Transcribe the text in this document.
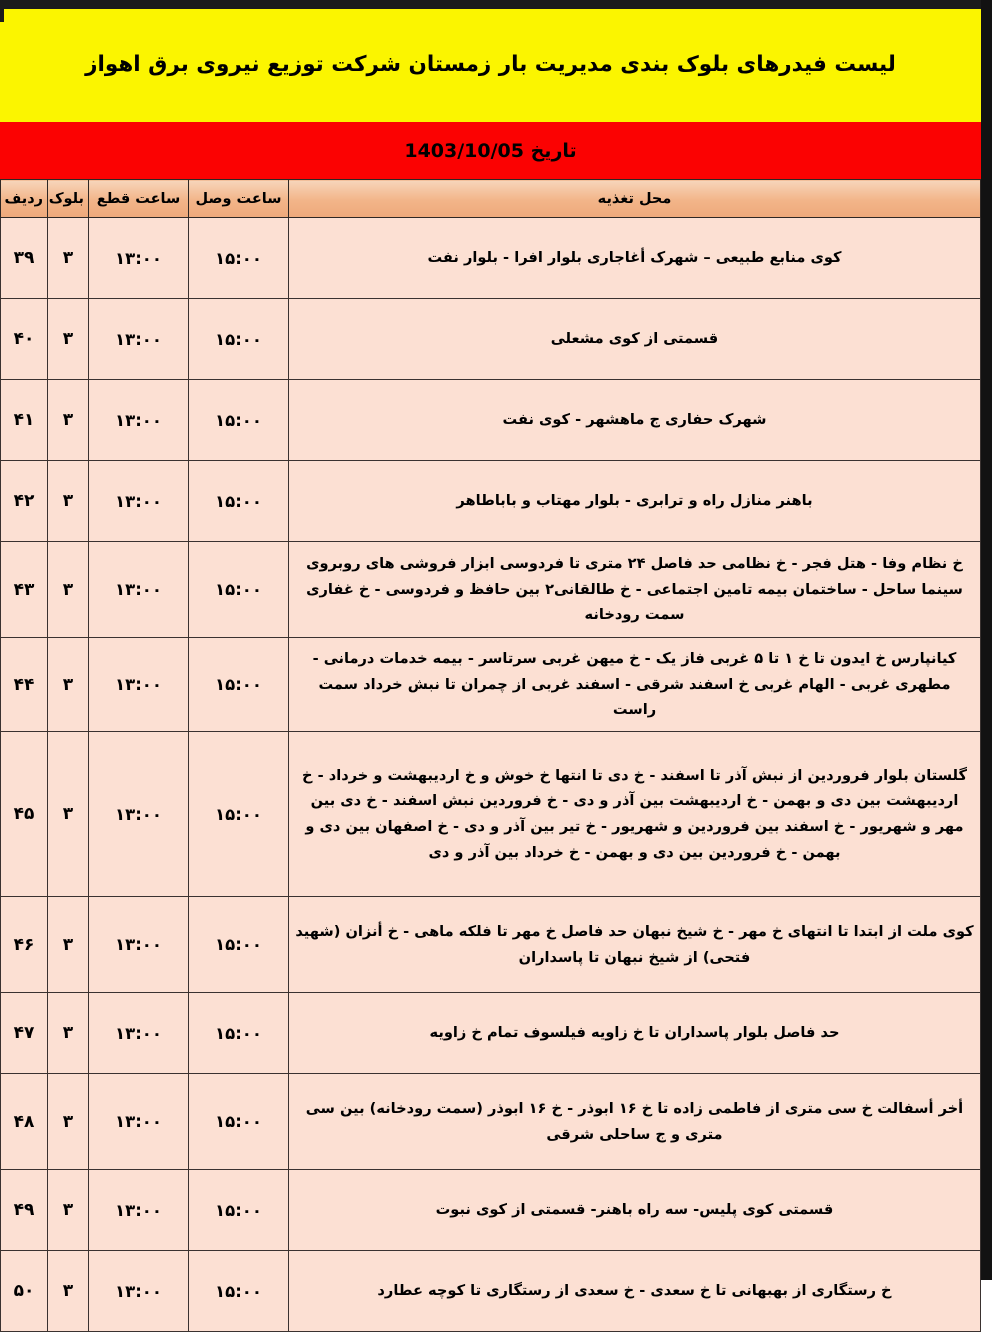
لیست فیدرهای بلوک بندی مدیریت بار زمستان شرکت توزیع نیروی برق اهواز
تاریخ 1403/10/05
محل تغذیه	ساعت وصل	ساعت قطع	بلوک	ردیف
کوی منابع طبیعی – شهرک أغاجاری بلوار افرا - بلوار نفت	۱۵:۰۰	۱۳:۰۰	۳	۳۹
قسمتی از کوی مشعلی	۱۵:۰۰	۱۳:۰۰	۳	۴۰
شهرک حفاری ج ماهشهر - کوی نفت	۱۵:۰۰	۱۳:۰۰	۳	۴۱
باهنر منازل راه و ترابری - بلوار مهتاب و باباطاهر	۱۵:۰۰	۱۳:۰۰	۳	۴۲
خ نظام وفا - هتل فجر - خ نظامی حد فاصل ۲۴ متری تا فردوسی ابزار فروشی های روبروی سینما ساحل - ساختمان بیمه تامین اجتماعی - خ طالقانی۲ بین حافظ و فردوسی - خ غفاری سمت رودخانه	۱۵:۰۰	۱۳:۰۰	۳	۴۳
کیانپارس خ ایدون تا خ ۱ تا ۵ غربی فاز یک - خ میهن غربی سرتاسر - بیمه خدمات درمانی - مطهری غربی - الهام غربی خ اسفند شرقی - اسفند غربی از چمران تا نبش خرداد سمت راست	۱۵:۰۰	۱۳:۰۰	۳	۴۴
گلستان بلوار فروردین از نبش آذر تا اسفند - خ دی تا انتها خ خوش و خ اردیبهشت و خرداد - خ اردیبهشت بین دی و بهمن - خ اردیبهشت بین آذر و دی - خ فروردین نبش اسفند - خ دی بین مهر و شهریور - خ اسفند بین فروردین و شهریور - خ تیر بین آذر و دی - خ اصفهان بین دی و بهمن - خ فروردین بین دی و بهمن - خ خرداد بین آذر و دی	۱۵:۰۰	۱۳:۰۰	۳	۴۵
کوی ملت از ابتدا تا انتهای خ مهر - خ شیخ نبهان حد فاصل خ مهر تا فلکه ماهی - خ أنزان (شهید فتحی) از شیخ نبهان تا پاسداران	۱۵:۰۰	۱۳:۰۰	۳	۴۶
حد فاصل بلوار پاسداران تا خ زاویه فیلسوف تمام خ زاویه	۱۵:۰۰	۱۳:۰۰	۳	۴۷
أخر أسفالت خ سی متری از فاطمی زاده تا خ ۱۶ ابوذر - خ ۱۶ ابوذر (سمت رودخانه) بین سی متری و ج ساحلی شرقی	۱۵:۰۰	۱۳:۰۰	۳	۴۸
قسمتی کوی پلیس- سه راه باهنر- قسمتی از کوی نبوت	۱۵:۰۰	۱۳:۰۰	۳	۴۹
خ رستگاری از بهبهانی تا خ سعدی - خ سعدی از رستگاری تا کوچه عطارد	۱۵:۰۰	۱۳:۰۰	۳	۵۰
